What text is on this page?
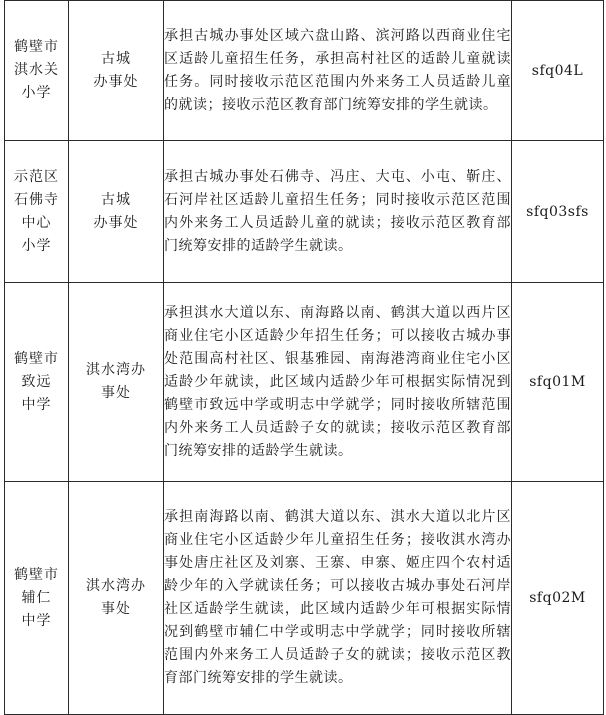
鹤壁市
淇水关
小学	古城
办事处	承担古城办事处区域六盘山路、滨河路以西商业住宅区适龄儿童招生任务，承担高村社区的适龄儿童就读任务。同时接收示范区范围内外来务工人员适龄儿童的就读；接收示范区教育部门统筹安排的学生就读。	sfq04L

示范区
石佛寺
中心
小学	古城
办事处	承担古城办事处石佛寺、冯庄、大屯、小屯、靳庄、石河岸社区适龄儿童招生任务；同时接收示范区范围内外来务工人员适龄儿童的就读；接收示范区教育部门统筹安排的适龄学生就读。	sfq03sfs

鹤壁市
致远
中学	淇水湾办
事处	承担淇水大道以东、南海路以南、鹤淇大道以西片区商业住宅小区适龄少年招生任务；可以接收古城办事处范围高村社区、银基雅园、南海港湾商业住宅小区适龄少年就读，此区域内适龄少年可根据实际情况到鹤壁市致远中学或明志中学就学；同时接收所辖范围内外来务工人员适龄子女的就读；接收示范区教育部门统筹安排的适龄学生就读。	sfq01M

鹤壁市
辅仁
中学	淇水湾办
事处	承担南海路以南、鹤淇大道以东、淇水大道以北片区商业住宅小区适龄少年儿童招生任务；接收淇水湾办事处唐庄社区及刘寨、王寨、申寨、姬庄四个农村适龄少年的入学就读任务；可以接收古城办事处石河岸社区适龄学生就读，此区域内适龄少年可根据实际情况到鹤壁市辅仁中学或明志中学就学；同时接收所辖范围内外来务工人员适龄子女的就读；接收示范区教育部门统筹安排的学生就读。	sfq02M
